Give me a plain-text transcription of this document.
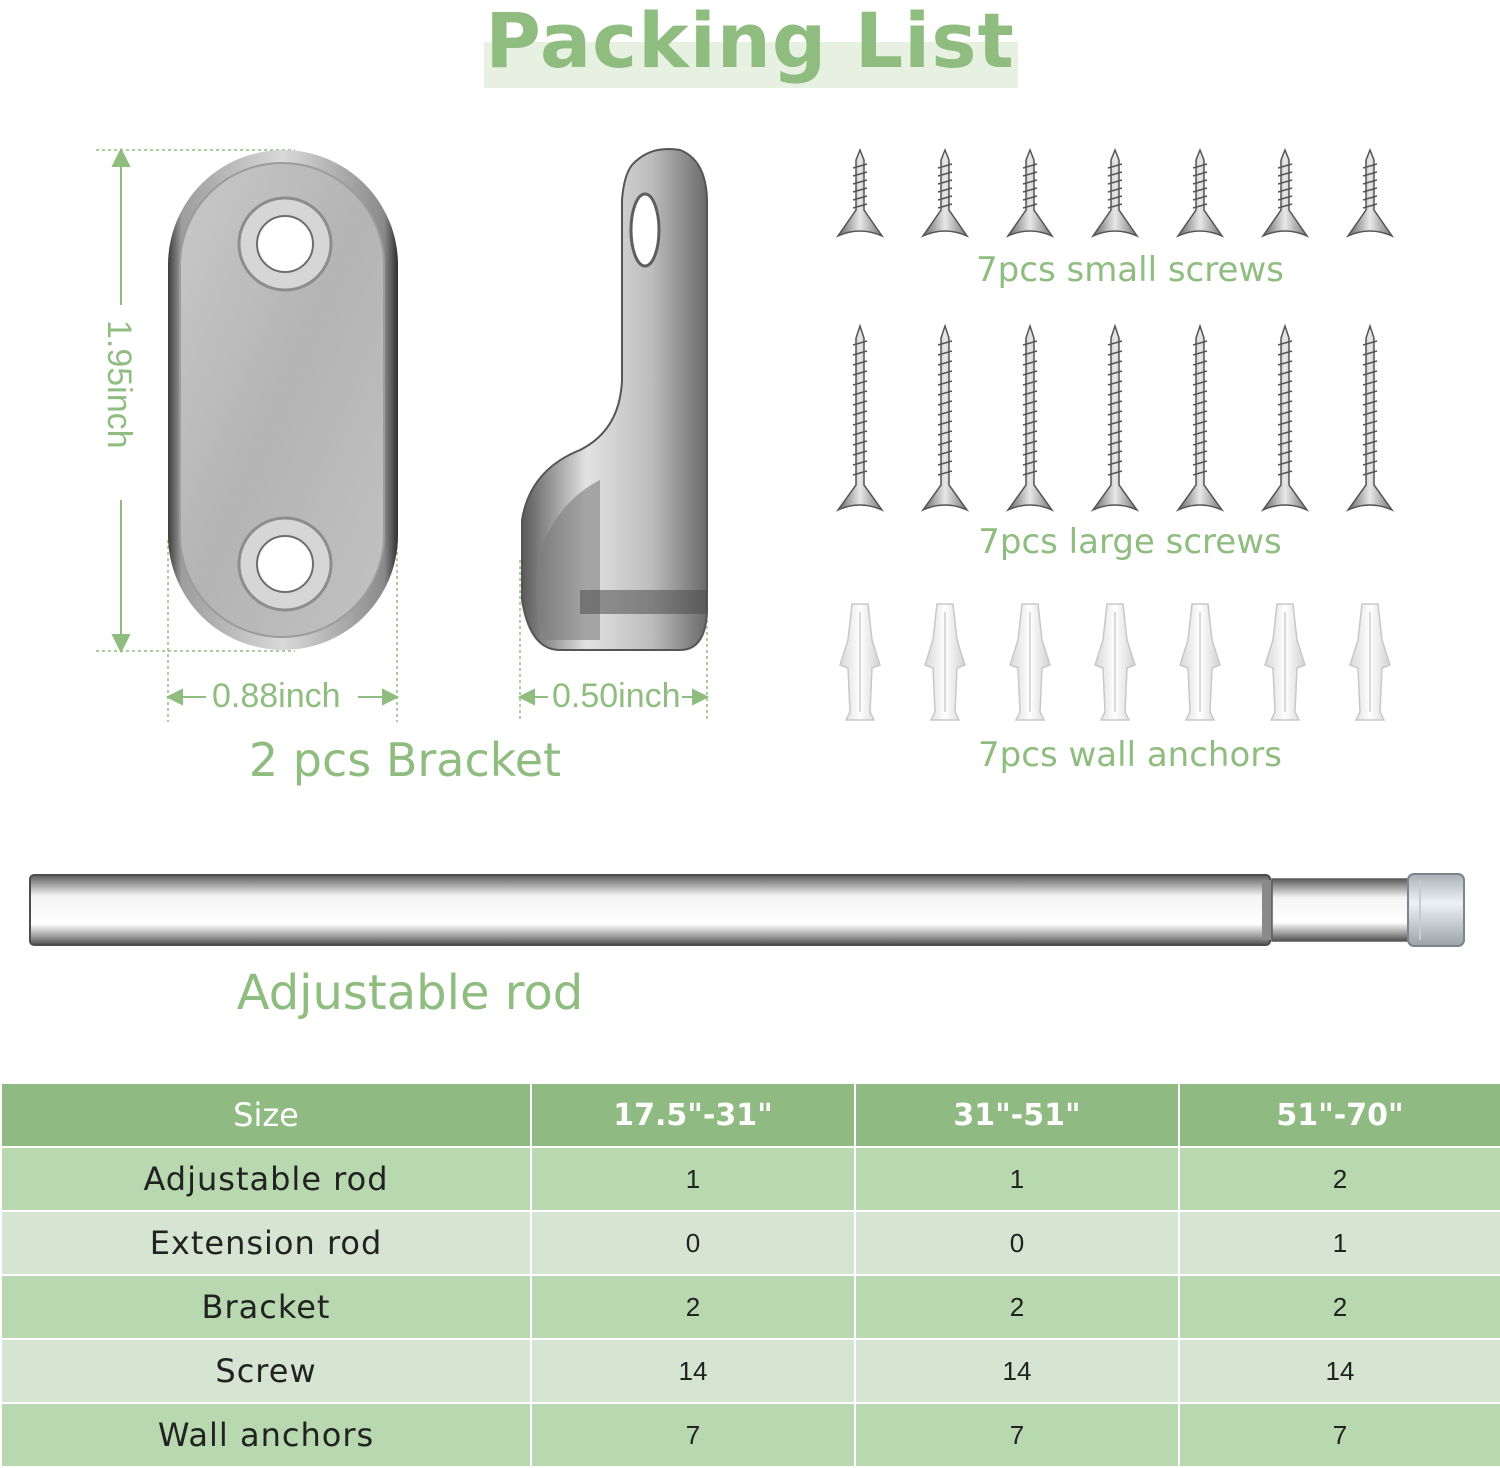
Packing List
1.95inch
0.88inch	0.50inch
2 pcs Bracket
7pcs small screws
7pcs large screws
7pcs wall anchors
Adjustable rod
Size	17.5"-31"	31"-51"	51"-70"
Adjustable rod	1	1	2
Extension rod	0	0	1
Bracket	2	2	2
Screw	14	14	14
Wall anchors	7	7	7
